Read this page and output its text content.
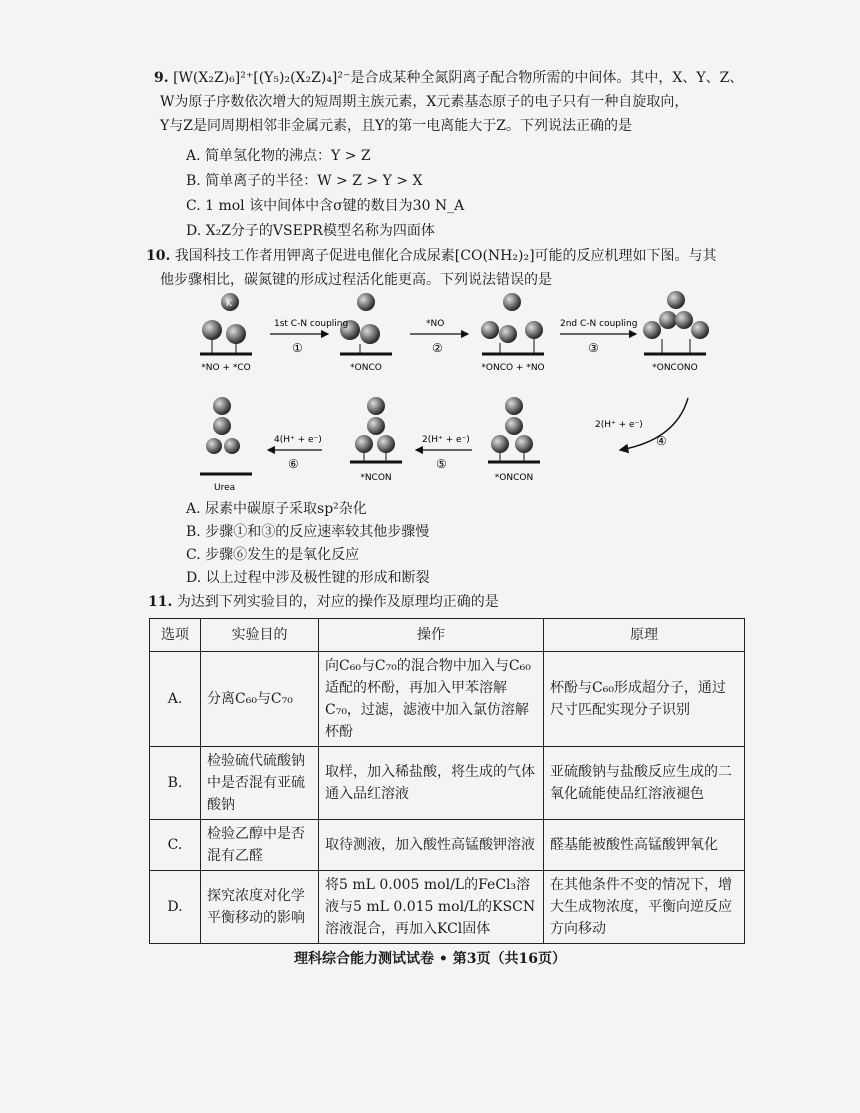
9. [W(X₂Z)₆]²⁺[(Y₅)₂(X₂Z)₄]²⁻是合成某种全氮阴离子配合物所需的中间体。其中，X、Y、Z、
W为原子序数依次增大的短周期主族元素，X元素基态原子的电子只有一种自旋取向，
Y与Z是同周期相邻非金属元素，且Y的第一电离能大于Z。下列说法正确的是
A. 简单氢化物的沸点：Y > Z
B. 简单离子的半径：W > Z > Y > X
C. 1 mol 该中间体中含σ键的数目为30 N_A
D. X₂Z分子的VSEPR模型名称为四面体
10. 我国科技工作者用钾离子促进电催化合成尿素[CO(NH₂)₂]可能的反应机理如下图。与其
他步骤相比，碳氮键的形成过程活化能更高。下列说法错误的是
K
*NO + *CO	*ONCO	*ONCO + *NO	*ONCONO
*ONCON
*NCON
Urea
1st C-N coupling
①
*NO
②
2nd C-N coupling
③
2(H⁺ + e⁻)
④
2(H⁺ + e⁻)
⑤
4(H⁺ + e⁻)
⑥
A. 尿素中碳原子采取sp²杂化
B. 步骤①和③的反应速率较其他步骤慢
C. 步骤⑥发生的是氧化反应
D. 以上过程中涉及极性键的形成和断裂
11. 为达到下列实验目的，对应的操作及原理均正确的是
选项	实验目的	操作	原理
A.	分离C₆₀与C₇₀	向C₆₀与C₇₀的混合物中加入与C₆₀适配的杯酚，再加入甲苯溶解C₇₀，过滤，滤液中加入氯仿溶解杯酚	杯酚与C₆₀形成超分子，通过尺寸匹配实现分子识别
B.	检验硫代硫酸钠中是否混有亚硫酸钠	取样，加入稀盐酸，将生成的气体通入品红溶液	亚硫酸钠与盐酸反应生成的二氧化硫能使品红溶液褪色
C.	检验乙醇中是否混有乙醛	取待测液，加入酸性高锰酸钾溶液	醛基能被酸性高锰酸钾氧化
D.	探究浓度对化学平衡移动的影响	将5 mL 0.005 mol/L的FeCl₃溶液与5 mL 0.015 mol/L的KSCN溶液混合，再加入KCl固体	在其他条件不变的情况下，增大生成物浓度，平衡向逆反应方向移动
理科综合能力测试试卷 • 第3页（共16页）
